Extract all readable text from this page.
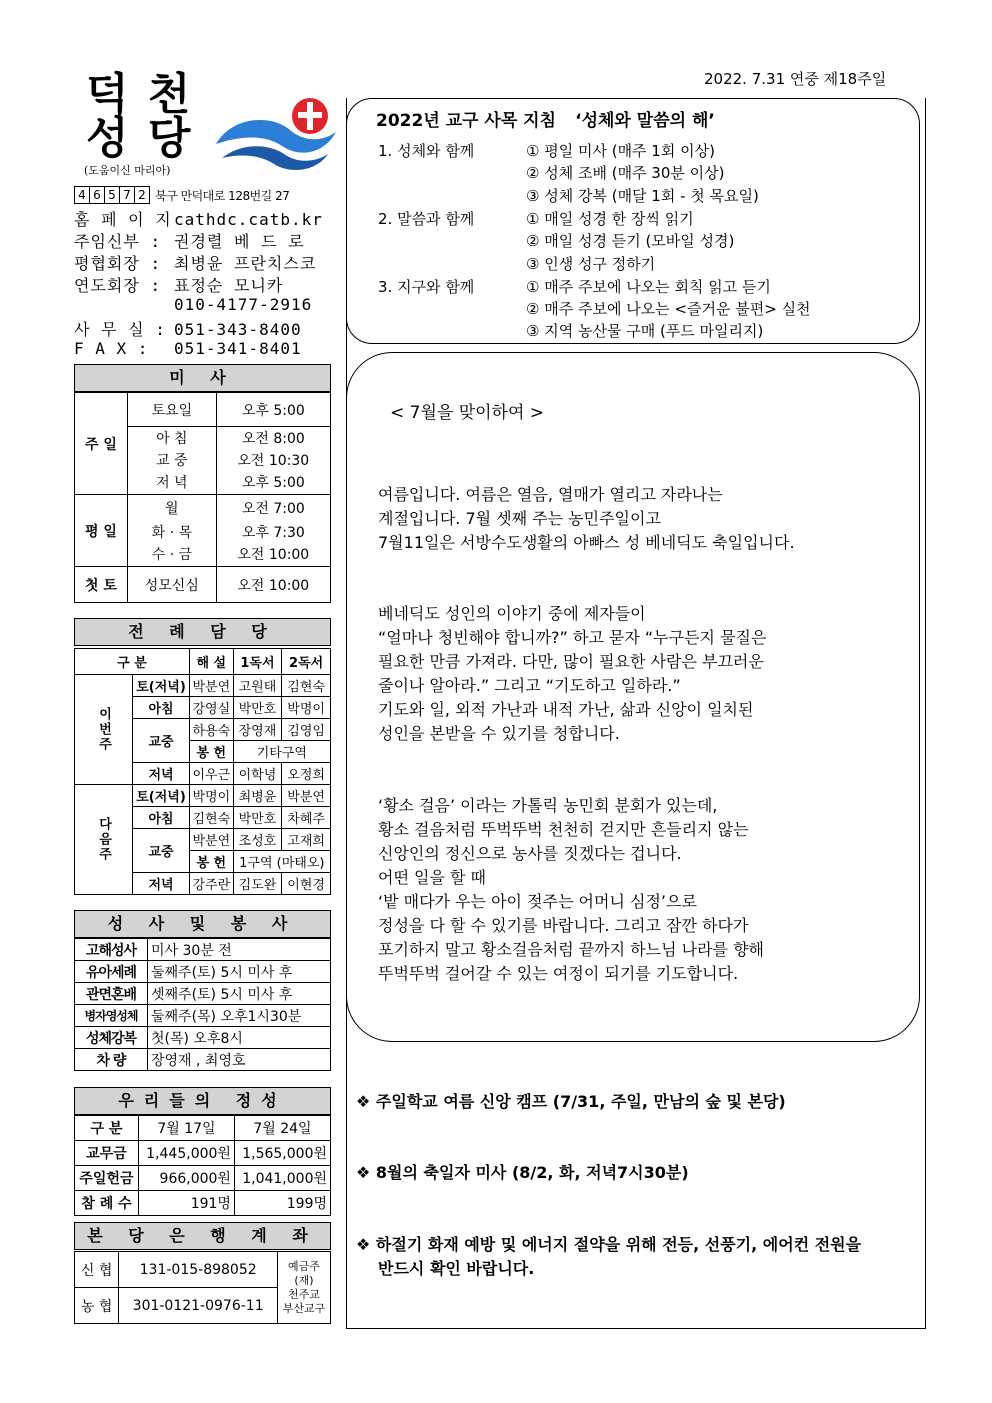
2022. 7.31 연중 제18주일
덕 천
성 당
(도움이신 마리아)
4 6 5 7 2 북구 만덕대로 128번길 27
홈 페 이 지 cathdc.catb.kr
주임신부 : 권경렬 베 드 로
평협회장 : 최병윤 프란치스코
연도회장 : 표정순 모니카
010-4177-2916
사 무 실 : 051-343-8400
F A X : 051-341-8401
미 사
주 일	토요일	오후 5:00
	아 침	오전 8:00
	교 중	오전 10:30
	저 녁	오후 5:00
평 일	월	오전 7:00
	화 · 목	오후 7:30
	수 · 금	오전 10:00
첫 토	성모신심	오전 10:00
전 례 담 당
구 분		해 설	1독서	2독서
이번주	토(저녁)	박분연	고원태	김현숙
	아침	강영실	박만호	박명이
	교중	하용숙	장영재	김영임
		봉 헌	기타구역	
	저녁	이우근	이학녕	오정희
다음주	토(저녁)	박명이	최병윤	박분연
	아침	김현숙	박만호	차혜주
	교중	박분연	조성호	고재희
		봉 헌	1구역 (마태오)	
	저녁	강주란	김도완	이현경
성 사 및 봉 사
고해성사	미사 30분 전
유아세례	둘째주(토) 5시 미사 후
관면혼배	셋째주(토) 5시 미사 후
병자영성체	둘째주(목) 오후1시30분
성체강복	첫(목) 오후8시
차 량	장영재 , 최영호
우리들의 정성
구 분	7월 17일	7월 24일
교무금	1,445,000원	1,565,000원
주일헌금	966,000원	1,041,000원
참 례 수	191명	199명
본 당 은 행 계 좌
신 협	131-015-898052	예금주
(재)
천주교
부산교구

농 협	301-0121-0976-11	
2022년 교구 사목 지침 ‘성체와 말씀의 해’
1. 성체와 함께	① 평일 미사 (매주 1회 이상)
② 성체 조배 (매주 30분 이상)
③ 성체 강복 (매달 1회 - 첫 목요일)
2. 말씀과 함께	① 매일 성경 한 장씩 읽기
② 매일 성경 듣기 (모바일 성경)
③ 인생 성구 정하기
3. 지구와 함께	① 매주 주보에 나오는 회칙 읽고 듣기
② 매주 주보에 나오는 <즐거운 불편> 실천
③ 지역 농산물 구매 (푸드 마일리지)
< 7월을 맞이하여 >
여름입니다. 여름은 열음, 열매가 열리고 자라나는
계절입니다. 7월 셋째 주는 농민주일이고
7월11일은 서방수도생활의 아빠스 성 베네딕도 축일입니다.
베네딕도 성인의 이야기 중에 제자들이
“얼마나 청빈해야 합니까?” 하고 묻자 “누구든지 물질은
필요한 만큼 가져라. 다만, 많이 필요한 사람은 부끄러운
줄이나 알아라.” 그리고 “기도하고 일하라.”
기도와 일, 외적 가난과 내적 가난, 삶과 신앙이 일치된
성인을 본받을 수 있기를 청합니다.
‘황소 걸음’ 이라는 가톨릭 농민회 분회가 있는데,
황소 걸음처럼 뚜벅뚜벅 천천히 걷지만 흔들리지 않는
신앙인의 정신으로 농사를 짓겠다는 겁니다.
어떤 일을 할 때
‘밭 매다가 우는 아이 젖주는 어머니 심정’으로
정성을 다 할 수 있기를 바랍니다. 그리고 잠깐 하다가
포기하지 말고 황소걸음처럼 끝까지 하느님 나라를 향해
뚜벅뚜벅 걸어갈 수 있는 여정이 되기를 기도합니다.
❖ 주일학교 여름 신앙 캠프 (7/31, 주일, 만남의 숲 및 본당)
❖ 8월의 축일자 미사 (8/2, 화, 저녁7시30분)
❖ 하절기 화재 예방 및 에너지 절약을 위해 전등, 선풍기, 에어컨 전원을
반드시 확인 바랍니다.
